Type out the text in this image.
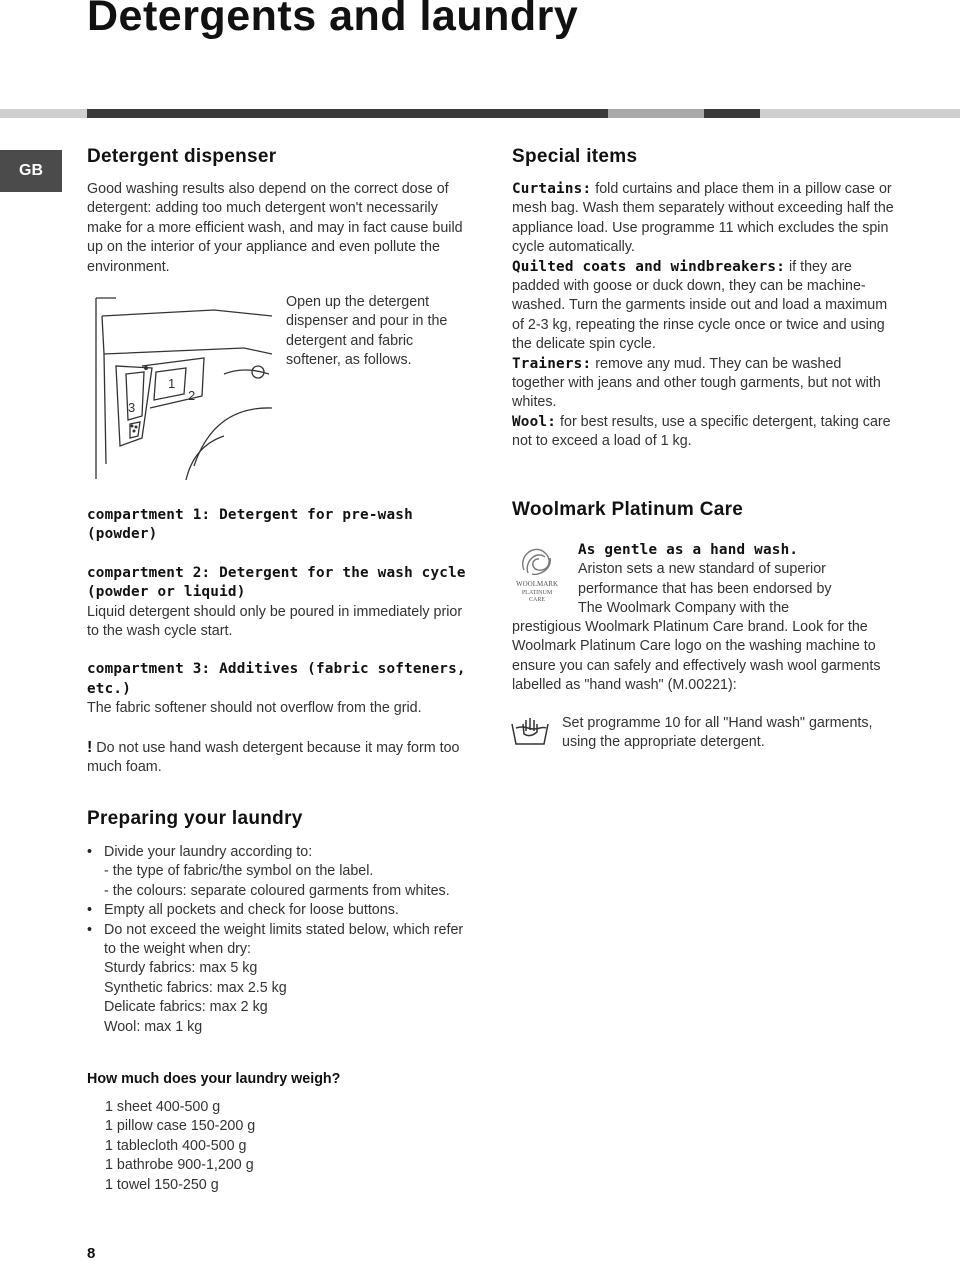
Detergents and laundry
GB
Detergent dispenser

Good washing results also depend on the correct dose of detergent: adding too much detergent won't necessarily make for a more efficient wash, and may in fact cause build up on the interior of your appliance and even pollute the environment.

1
2
3

Open up the detergent dispenser and pour in the detergent and fabric softener, as follows.

compartment 1: Detergent for pre-wash (powder)
compartment 2: Detergent for the wash cycle (powder or liquid)
Liquid detergent should only be poured in immediately prior to the wash cycle start.
compartment 3: Additives (fabric softeners, etc.)
The fabric softener should not overflow from the grid.
! Do not use hand wash detergent because it may form too much foam.
Special items

Curtains: fold curtains and place them in a pillow case or mesh bag. Wash them separately without exceeding half the appliance load. Use programme 11 which excludes the spin cycle automatically.

Quilted coats and windbreakers: if they are padded with goose or duck down, they can be machine-washed. Turn the garments inside out and load a maximum of 2-3 kg, repeating the rinse cycle once or twice and using the delicate spin cycle.

Trainers: remove any mud. They can be washed together with jeans and other tough garments, but not with whites.

Wool: for best results, use a specific detergent, taking care not to exceed a load of 1 kg.

Woolmark Platinum Care
WOOLMARK
PLATINUM
CARE
As gentle as a hand wash.
Ariston sets a new standard of superior
performance that has been endorsed by
The Woolmark Company with the

prestigious Woolmark Platinum Care brand. Look for the Woolmark Platinum Care logo on the washing machine to ensure you can safely and effectively wash wool garments labelled as "hand wash" (M.00221):

Set programme 10 for all "Hand wash" garments, using the appropriate detergent.

Preparing your laundry
• Divide your laundry according to:
- the type of fabric/the symbol on the label.
- the colours: separate coloured garments from whites.
• Empty all pockets and check for loose buttons.
• Do not exceed the weight limits stated below, which refer to the weight when dry:
Sturdy fabrics: max 5 kg
Synthetic fabrics: max 2.5 kg
Delicate fabrics: max 2 kg
Wool: max 1 kg
How much does your laundry weigh?
1 sheet 400-500 g
1 pillow case 150-200 g
1 tablecloth 400-500 g
1 bathrobe 900-1,200 g
1 towel 150-250 g
8
